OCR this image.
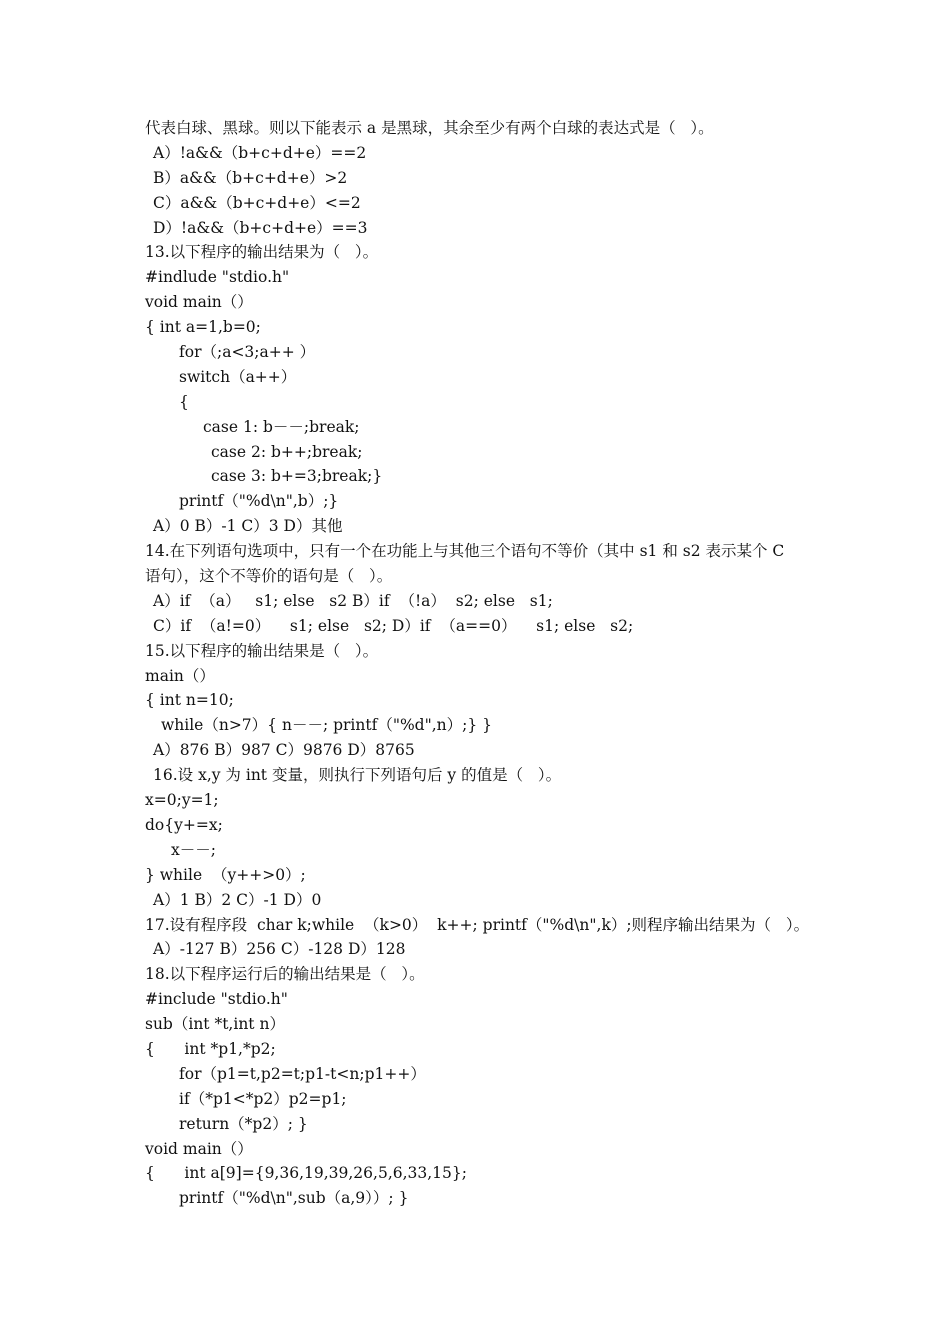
代表白球、黑球。则以下能表示 a 是黑球，其余至少有两个白球的表达式是（   ）。
A）!a&&（b+c+d+e）==2
B）a&&（b+c+d+e）>2
C）a&&（b+c+d+e）<=2
D）!a&&（b+c+d+e）==3
13.以下程序的输出结果为（   ）。
#indlude "stdio.h"
void main（）
{ int a=1,b=0;
for（;a<3;a++ ）
switch（a++）
{
case 1: b－－;break;
case 2: b++;break;
case 3: b+=3;break;}
printf（"%d\n",b）;}
A）0 B）-1 C）3 D）其他
14.在下列语句选项中，只有一个在功能上与其他三个语句不等价（其中 s1 和 s2 表示某个 C
语句），这个不等价的语句是（   ）。
A）if  （a）   s1; else   s2 B）if  （!a）  s2; else   s1;
C）if  （a!=0）    s1; else   s2; D）if  （a==0）    s1; else   s2;
15.以下程序的输出结果是（   ）。
main（）
{ int n=10;
while（n>7）{ n－－; printf（"%d",n）;} }
A）876 B）987 C）9876 D）8765
16.设 x,y 为 int 变量，则执行下列语句后 y 的值是（   ）。
x=0;y=1;
do{y+=x;
x－－;
} while  （y++>0）;
A）1 B）2 C）-1 D）0
17.设有程序段  char k;while  （k>0）  k++; printf（"%d\n",k）;则程序输出结果为（   ）。
A）-127 B）256 C）-128 D）128
18.以下程序运行后的输出结果是（   ）。
#include "stdio.h"
sub（int *t,int n）
{      int *p1,*p2;
for（p1=t,p2=t;p1-t<n;p1++）
if（*p1<*p2）p2=p1;
return（*p2）; }
void main（）
{      int a[9]={9,36,19,39,26,5,6,33,15};
printf（"%d\n",sub（a,9））; }
